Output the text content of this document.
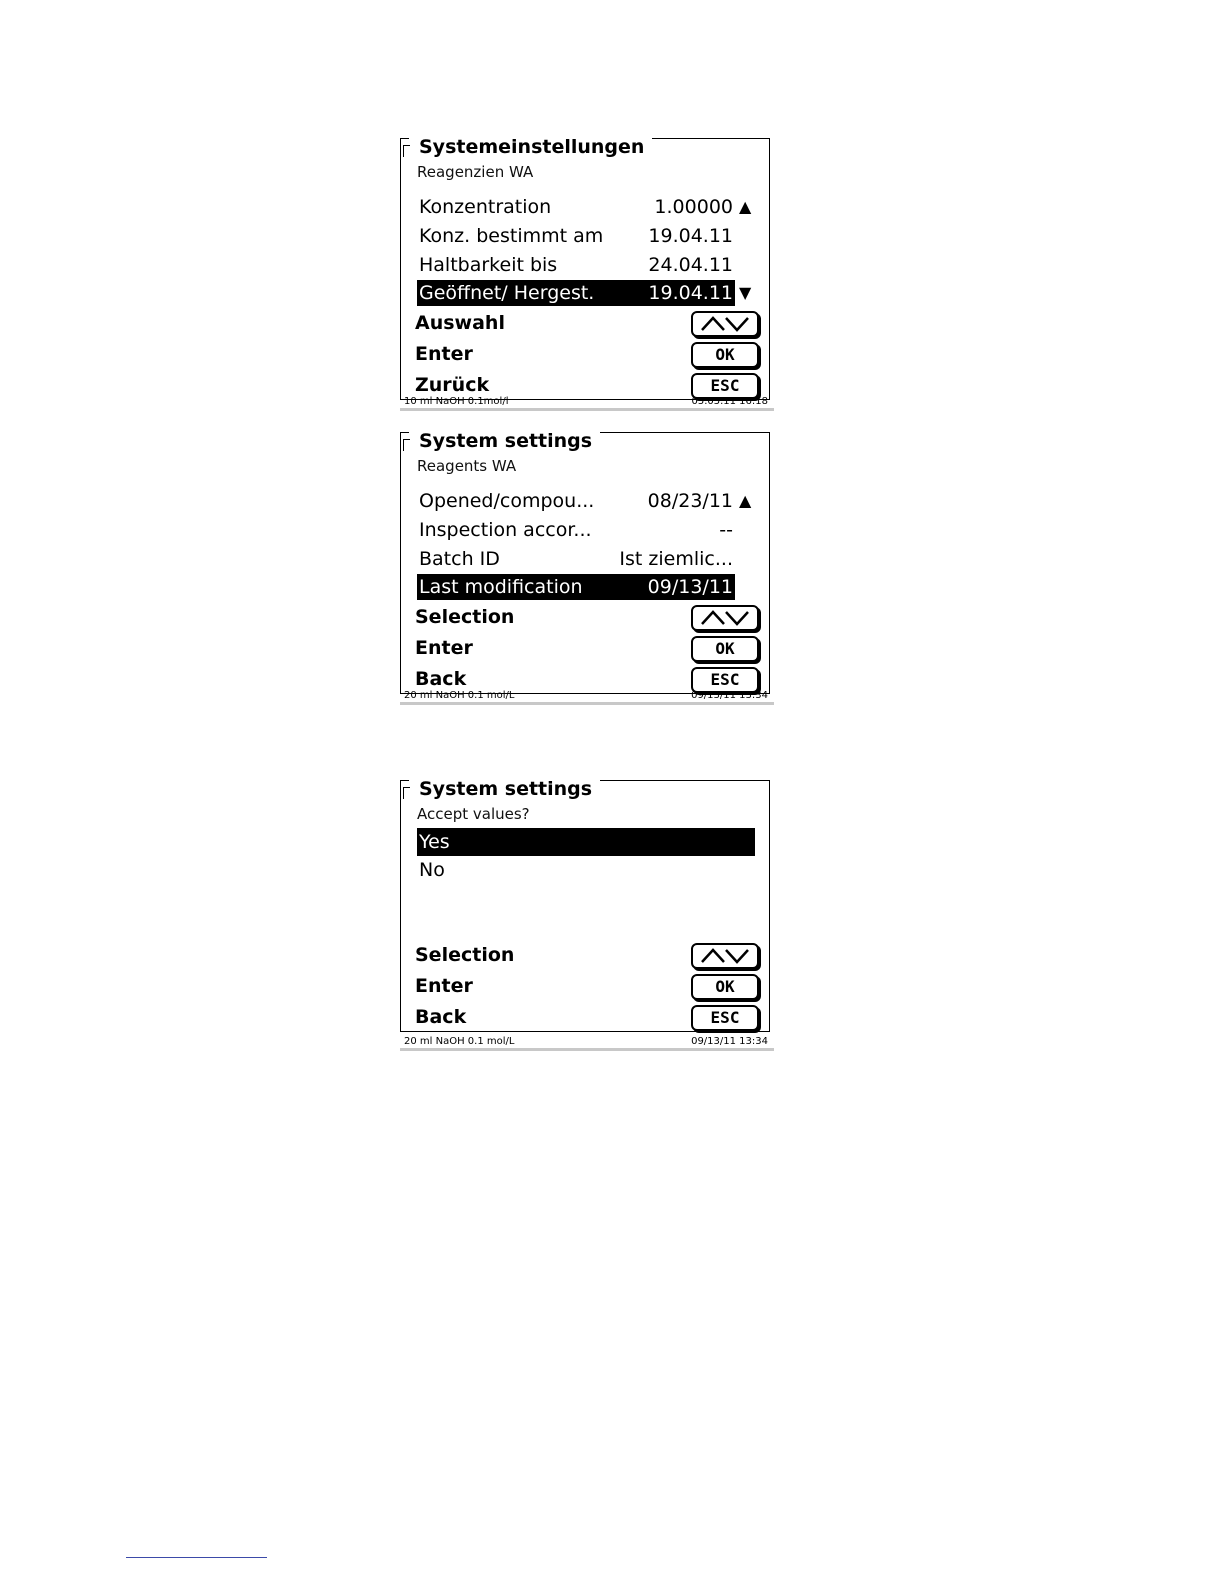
Systemeinstellungen
Reagenzien WA
Konzentration	1.00000 ▲
Konz. bestimmt am 19.04.11
Haltbarkeit bis	24.04.11
Geöffnet/ Hergest.	19.04.11 ▼
Auswahl
Enter	OK
Zurück	ESC
10 ml NaOH 0.1mol/l	05.05.11 16:18
System settings
Reagents WA
Opened/compou...	08/23/11 ▲
Inspection accor...	--
Batch ID	Ist ziemlic...
Last modification	09/13/11
Selection
Enter	OK
Back	ESC
20 ml NaOH 0.1 mol/L	09/13/11 13:34
System settings
Accept values?
Yes
No
Selection
Enter	OK
Back	ESC
20 ml NaOH 0.1 mol/L	09/13/11 13:34
